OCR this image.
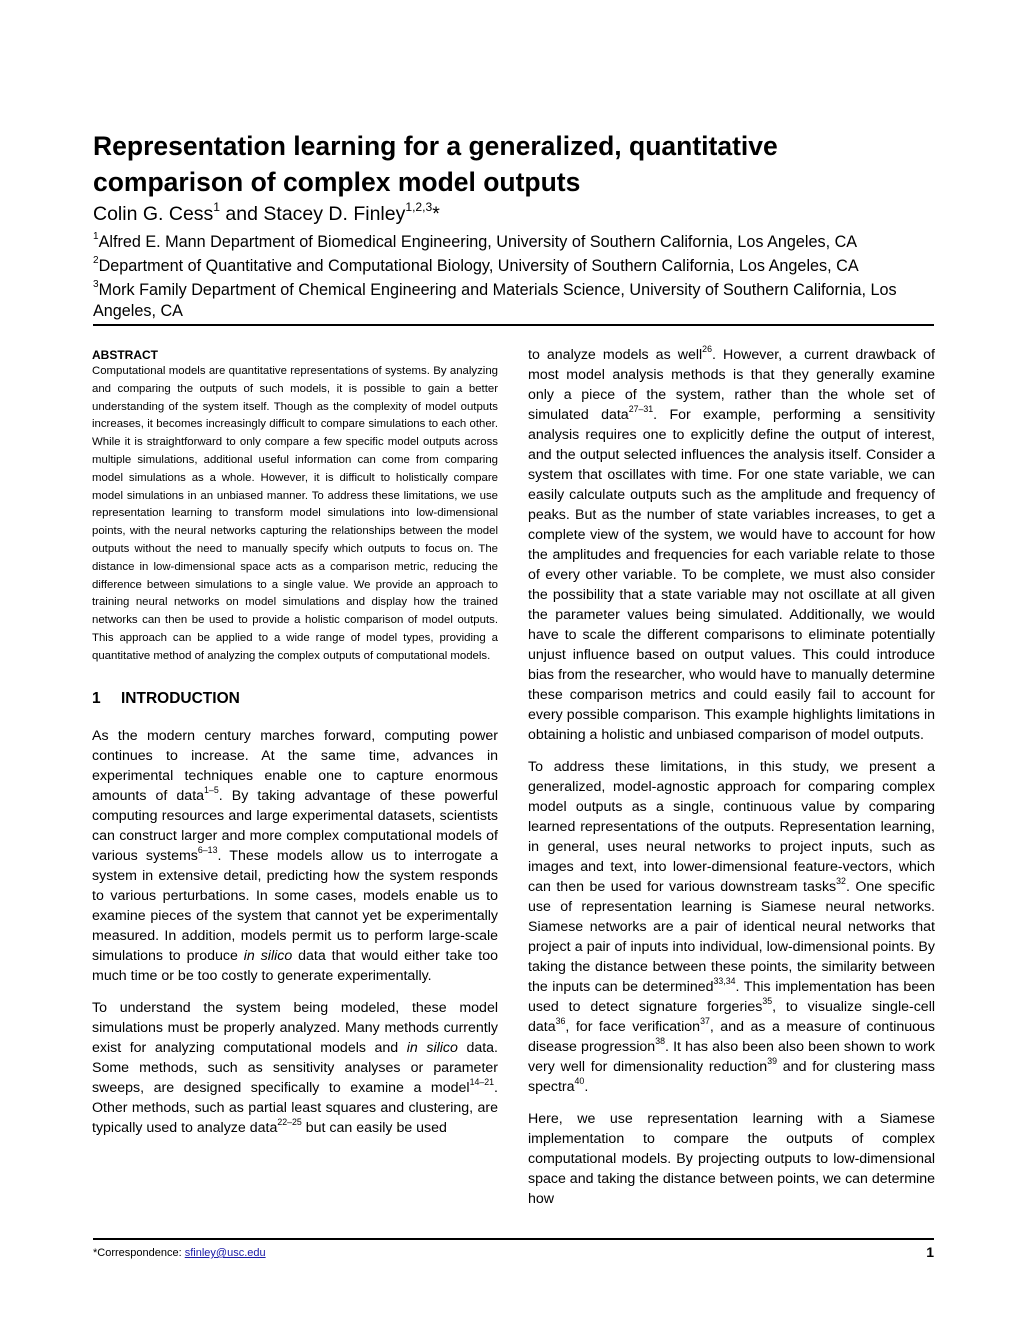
Representation learning for a generalized, quantitative comparison of complex model outputs
Colin G. Cess$^1$ and Stacey D. Finley$^{1,2,3}$*
$^1$Alfred E. Mann Department of Biomedical Engineering, University of Southern California, Los Angeles, CA
$^2$Department of Quantitative and Computational Biology, University of Southern California, Los Angeles, CA
$^3$Mork Family Department of Chemical Engineering and Materials Science, University of Southern California, Los Angeles, CA
ABSTRACT

Computational models are quantitative representations of systems. By analyzing and comparing the outputs of such models, it is possible to gain a better understanding of the system itself. Though as the complexity of model outputs increases, it becomes increasingly difficult to compare simulations to each other. While it is straightforward to only compare a few specific model outputs across multiple simulations, additional useful information can come from comparing model simulations as a whole. However, it is difficult to holistically compare model simulations in an unbiased manner. To address these limitations, we use representation learning to transform model simulations into low-dimensional points, with the neural networks capturing the relationships between the model outputs without the need to manually specify which outputs to focus on. The distance in low-dimensional space acts as a comparison metric, reducing the difference between simulations to a single value. We provide an approach to training neural networks on model simulations and display how the trained networks can then be used to provide a holistic comparison of model outputs. This approach can be applied to a wide range of model types, providing a quantitative method of analyzing the complex outputs of computational models.

1 INTRODUCTION

As the modern century marches forward, computing power continues to increase. At the same time, advances in experimental techniques enable one to capture enormous amounts of data$^{1-5}$. By taking advantage of these powerful computing resources and large experimental datasets, scientists can construct larger and more complex computational models of various systems$^{6-13}$. These models allow us to interrogate a system in extensive detail, predicting how the system responds to various perturbations. In some cases, models enable us to examine pieces of the system that cannot yet be experimentally measured. In addition, models permit us to perform large-scale simulations to produce in silico data that would either take too much time or be too costly to generate experimentally.

To understand the system being modeled, these model simulations must be properly analyzed. Many methods currently exist for analyzing computational models and in silico data. Some methods, such as sensitivity analyses or parameter sweeps, are designed specifically to examine a model$^{14-21}$. Other methods, such as partial least squares and clustering, are typically used to analyze data$^{22-25}$ but can easily be used

to analyze models as well$^{26}$. However, a current drawback of most model analysis methods is that they generally examine only a piece of the system, rather than the whole set of simulated data$^{27-31}$. For example, performing a sensitivity analysis requires one to explicitly define the output of interest, and the output selected influences the analysis itself. Consider a system that oscillates with time. For one state variable, we can easily calculate outputs such as the amplitude and frequency of peaks. But as the number of state variables increases, to get a complete view of the system, we would have to account for how the amplitudes and frequencies for each variable relate to those of every other variable. To be complete, we must also consider the possibility that a state variable may not oscillate at all given the parameter values being simulated. Additionally, we would have to scale the different comparisons to eliminate potentially unjust influence based on output values. This could introduce bias from the researcher, who would have to manually determine these comparison metrics and could easily fail to account for every possible comparison. This example highlights limitations in obtaining a holistic and unbiased comparison of model outputs.

To address these limitations, in this study, we present a generalized, model-agnostic approach for comparing complex model outputs as a single, continuous value by comparing learned representations of the outputs. Representation learning, in general, uses neural networks to project inputs, such as images and text, into lower-dimensional feature-vectors, which can then be used for various downstream tasks$^{32}$. One specific use of representation learning is Siamese neural networks. Siamese networks are a pair of identical neural networks that project a pair of inputs into individual, low-dimensional points. By taking the distance between these points, the similarity between the inputs can be determined$^{33,34}$. This implementation has been used to detect signature forgeries$^{35}$, to visualize single-cell data$^{36}$, for face verification$^{37}$, and as a measure of continuous disease progression$^{38}$. It has also been also been shown to work very well for dimensionality reduction$^{39}$ and for clustering mass spectra$^{40}$.

Here, we use representation learning with a Siamese implementation to compare the outputs of complex computational models. By projecting outputs to low-dimensional space and taking the distance between points, we can determine how

*Correspondence: sfinley@usc.edu	1
